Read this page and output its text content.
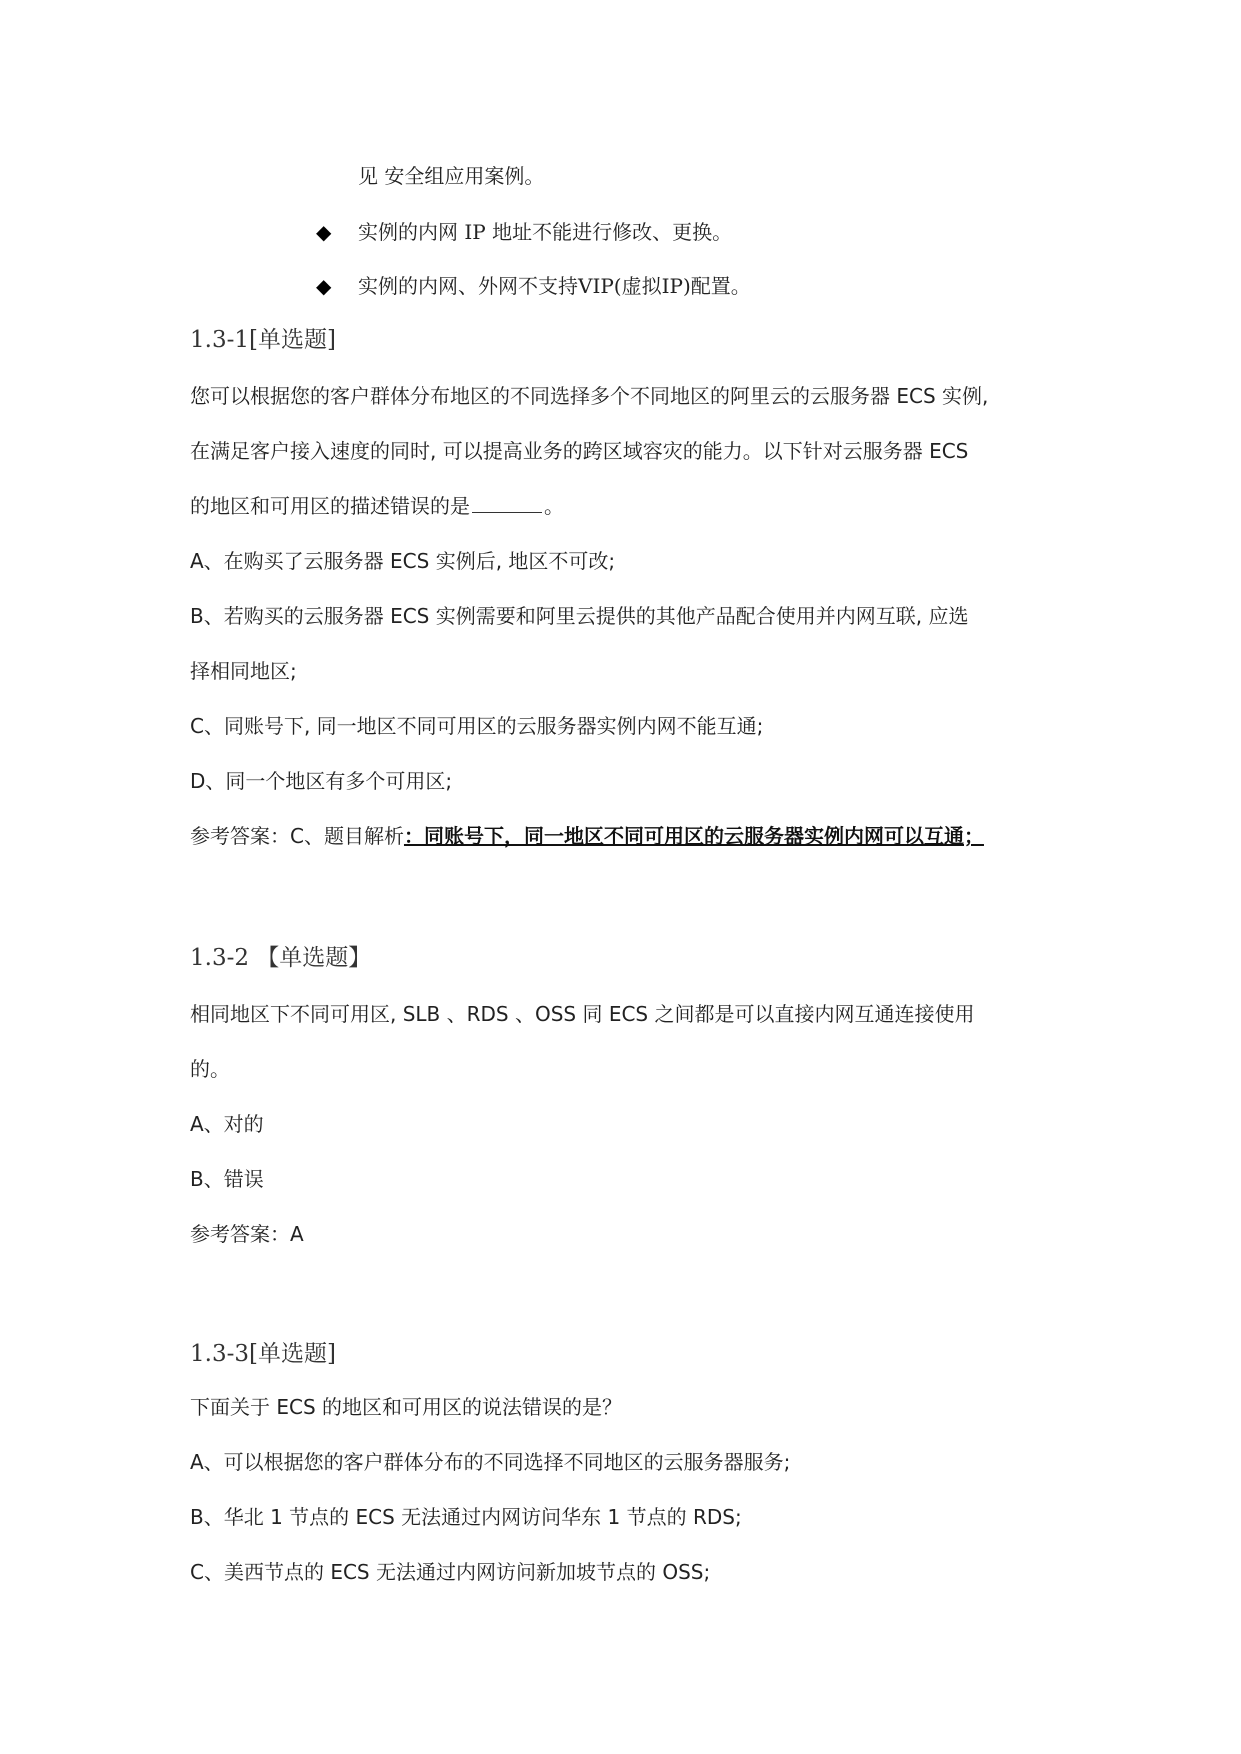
见 安全组应用案例。
◆ 实例的内网 IP 地址不能进行修改、更换。
◆ 实例的内网、外网不支持VIP(虚拟IP)配置。
1.3-1[单选题]
您可以根据您的客户群体分布地区的不同选择多个不同地区的阿里云的云服务器 ECS 实例,
在满足客户接入速度的同时, 可以提高业务的跨区域容灾的能力。以下针对云服务器 ECS
的地区和可用区的描述错误的是	。
A、在购买了云服务器 ECS 实例后, 地区不可改;
B、若购买的云服务器 ECS 实例需要和阿里云提供的其他产品配合使用并内网互联, 应选
择相同地区;
C、同账号下, 同一地区不同可用区的云服务器实例内网不能互通;
D、同一个地区有多个可用区;
参考答案：C、题目解析：同账号下，同一地区不同可用区的云服务器实例内网可以互通；
1.3-2 【单选题】
相同地区下不同可用区, SLB 、RDS 、OSS 同 ECS 之间都是可以直接内网互通连接使用
的。
A、对的
B、错误
参考答案：A
1.3-3[单选题]
下面关于 ECS 的地区和可用区的说法错误的是？
A、可以根据您的客户群体分布的不同选择不同地区的云服务器服务;
B、华北 1 节点的 ECS 无法通过内网访问华东 1 节点的 RDS;
C、美西节点的 ECS 无法通过内网访问新加坡节点的 OSS;
